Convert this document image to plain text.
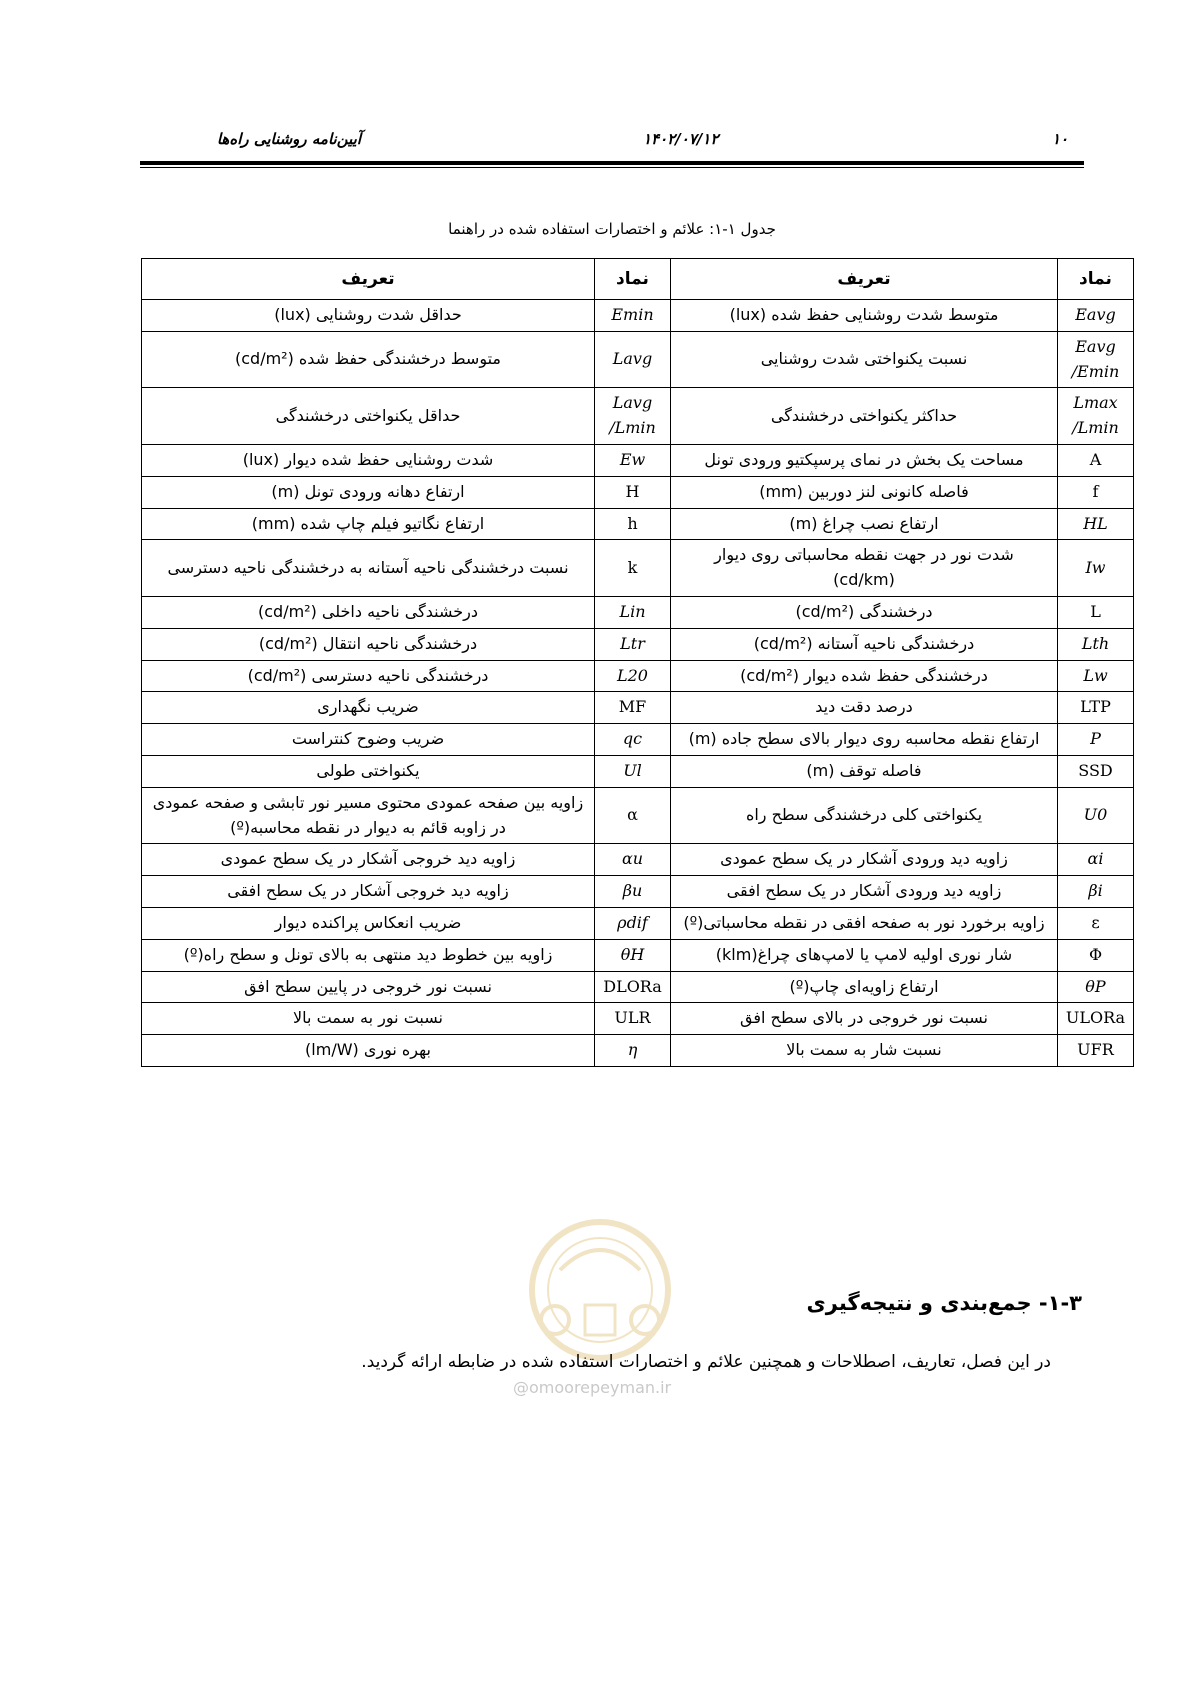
۱۰
۱۴۰۲/۰۷/۱۲
آیین‌نامه روشنایی راه‌ها
جدول ۱-۱: علائم و اختصارات استفاده شده در راهنما
نماد	تعریف	نماد	تعریف
Eavg	متوسط شدت روشنایی حفظ شده (lux)	Emin	حداقل شدت روشنایی (lux)
Eavg /Emin	نسبت یکنواختی شدت روشنایی	Lavg	متوسط درخشندگی حفظ شده (cd/m²)
Lmax /Lmin	حداکثر یکنواختی درخشندگی	Lavg /Lmin	حداقل یکنواختی درخشندگی
A	مساحت یک بخش در نمای پرسپکتیو ورودی تونل	Ew	شدت روشنایی حفظ شده دیوار (lux)
f	فاصله کانونی لنز دوربین (mm)	H	ارتفاع دهانه ورودی تونل (m)
HL	ارتفاع نصب چراغ (m)	h	ارتفاع نگاتیو فیلم چاپ شده (mm)
Iw	شدت نور در جهت نقطه محاسباتی روی دیوار (cd/km)	k	نسبت درخشندگی ناحیه آستانه به درخشندگی ناحیه دسترسی
L	درخشندگی (cd/m²)	Lin	درخشندگی ناحیه داخلی (cd/m²)
Lth	درخشندگی ناحیه آستانه (cd/m²)	Ltr	درخشندگی ناحیه انتقال (cd/m²)
Lw	درخشندگی حفظ شده دیوار (cd/m²)	L20	درخشندگی ناحیه دسترسی (cd/m²)
LTP	درصد دقت دید	MF	ضریب نگهداری
P	ارتفاع نقطه محاسبه روی دیوار بالای سطح جاده (m)	qc	ضریب وضوح کنتراست
SSD	فاصله توقف (m)	Ul	یکنواختی طولی
U0	یکنواختی کلی درخشندگی سطح راه	α	زاویه بین صفحه عمودی محتوی مسیر نور تابشی و صفحه عمودی در زاوبه قائم به دیوار در نقطه محاسبه(º)
αi	زاویه دید ورودی آشکار در یک سطح عمودی	αu	زاویه دید خروجی آشکار در یک سطح عمودی
βi	زاویه دید ورودی آشکار در یک سطح افقی	βu	زاویه دید خروجی آشکار در یک سطح افقی
ε	زاویه برخورد نور به صفحه افقی در نقطه محاسباتی(º)	ρdif	ضریب انعکاس پراکنده دیوار
Φ	شار نوری اولیه لامپ یا لامپ‌های چراغ(klm)	θH	زاویه بین خطوط دید منتهی به بالای تونل و سطح راه(º)
θP	ارتفاع زاویه‌ای چاپ(º)	DLORa	نسبت نور خروجی در پایین سطح افق
ULORa	نسبت نور خروجی در بالای سطح افق	ULR	نسبت نور به سمت بالا
UFR	نسبت شار به سمت بالا	η	بهره نوری (lm/W)
@omoorepeyman.ir
۱-۳- جمع‌بندی و نتیجه‌گیری
در این فصل، تعاریف، اصطلاحات و همچنین علائم و اختصارات استفاده شده در ضابطه ارائه گردید.
